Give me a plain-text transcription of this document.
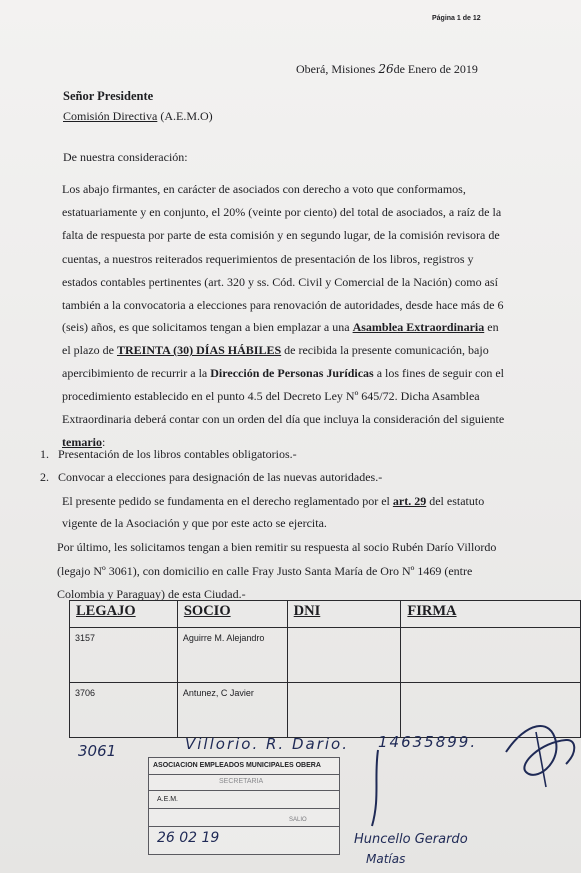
Página 1 de 12
Oberá, Misiones 26de Enero de 2019
Señor Presidente
Comisión Directiva (A.E.M.O)
De nuestra consideración:
Los abajo firmantes, en carácter de asociados con derecho a voto que conformamos,
estatuariamente y en conjunto, el 20% (veinte por ciento) del total de asociados, a raíz de la
falta de respuesta por parte de esta comisión y en segundo lugar, de la comisión revisora de
cuentas, a nuestros reiterados requerimientos de presentación de los libros, registros y
estados contables pertinentes (art. 320 y ss. Cód. Civil y Comercial de la Nación) como así
también a la convocatoria a elecciones para renovación de autoridades, desde hace más de 6
(seis) años, es que solicitamos tengan a bien emplazar a una Asamblea Extraordinaria en
el plazo de TREINTA (30) DÍAS HÁBILES de recibida la presente comunicación, bajo
apercibimiento de recurrir a la Dirección de Personas Jurídicas a los fines de seguir con el
procedimiento establecido en el punto 4.5 del Decreto Ley Nº 645/72. Dicha Asamblea
Extraordinaria deberá contar con un orden del día que incluya la consideración del siguiente
temario:
1. Presentación de los libros contables obligatorios.-
2. Convocar a elecciones para designación de las nuevas autoridades.-
El presente pedido se fundamenta en el derecho reglamentado por el art. 29 del estatuto
vigente de la Asociación y que por este acto se ejercita.
Por último, les solicitamos tengan a bien remitir su respuesta al socio Rubén Darío Villordo
(legajo Nº 3061), con domicilio en calle Fray Justo Santa María de Oro Nº 1469 (entre
Colombia y Paraguay) de esta Ciudad.-
LEGAJO	SOCIO	DNI	FIRMA
3157	Aguirre M. Alejandro		
3706	Antunez, C Javier		
3061	Villorio. R. Dario. 14635899.
ASOCIACION EMPLEADOS MUNICIPALES OBERA
SECRETARIA
A.E.M.
SALIO
26 02 19	Huncello Gerardo
Matías
